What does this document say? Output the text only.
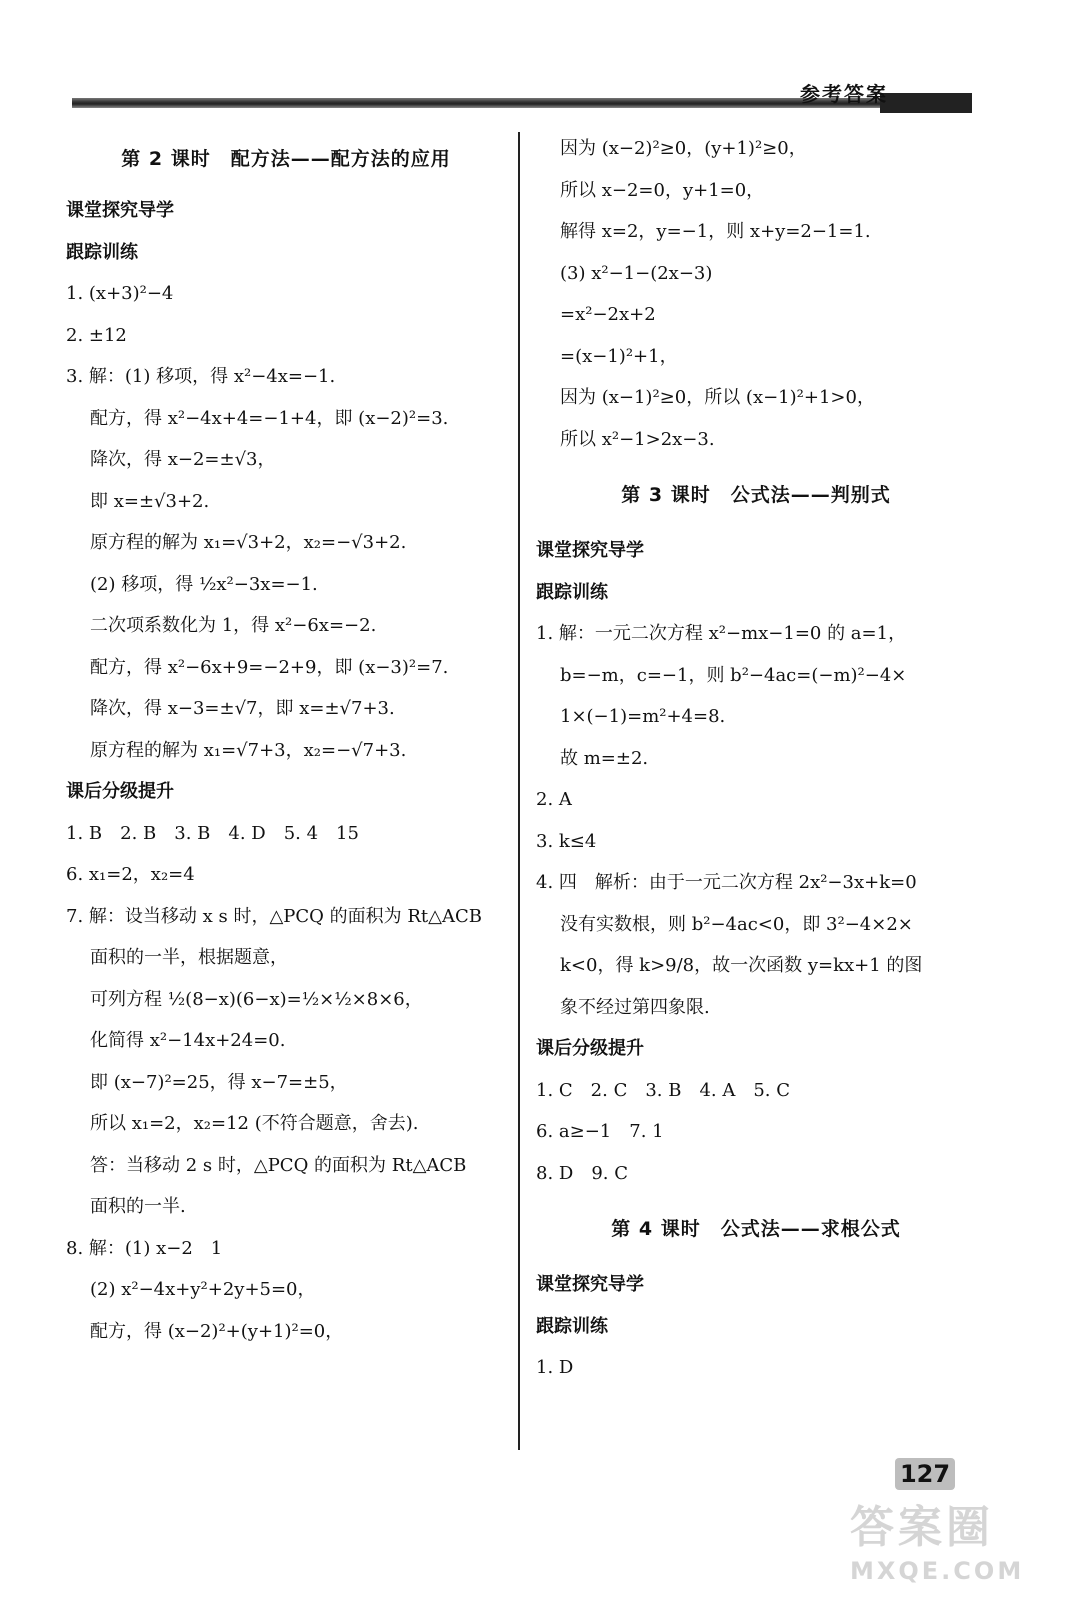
参考答案
第 2 课时　配方法——配方法的应用
课堂探究导学
跟踪训练
1. (x+3)²−4
2. ±12
3. 解：(1) 移项，得 x²−4x=−1.
配方，得 x²−4x+4=−1+4，即 (x−2)²=3.
降次，得 x−2=±√3，
即 x=±√3+2.
原方程的解为 x₁=√3+2，x₂=−√3+2.
(2) 移项，得 ½x²−3x=−1.
二次项系数化为 1，得 x²−6x=−2.
配方，得 x²−6x+9=−2+9，即 (x−3)²=7.
降次，得 x−3=±√7，即 x=±√7+3.
原方程的解为 x₁=√7+3，x₂=−√7+3.
课后分级提升
1. B　2. B　3. B　4. D　5. 4　15
6. x₁=2，x₂=4
7. 解：设当移动 x s 时，△PCQ 的面积为 Rt△ACB
面积的一半，根据题意，
可列方程 ½(8−x)(6−x)=½×½×8×6，
化简得 x²−14x+24=0.
即 (x−7)²=25，得 x−7=±5，
所以 x₁=2，x₂=12 (不符合题意，舍去).
答：当移动 2 s 时，△PCQ 的面积为 Rt△ACB
面积的一半.
8. 解：(1) x−2　1
(2) x²−4x+y²+2y+5=0，
配方，得 (x−2)²+(y+1)²=0，
因为 (x−2)²≥0，(y+1)²≥0，
所以 x−2=0，y+1=0，
解得 x=2，y=−1，则 x+y=2−1=1.
(3) x²−1−(2x−3)
=x²−2x+2
=(x−1)²+1，
因为 (x−1)²≥0，所以 (x−1)²+1>0，
所以 x²−1>2x−3.
第 3 课时　公式法——判别式
课堂探究导学
跟踪训练
1. 解：一元二次方程 x²−mx−1=0 的 a=1，
b=−m，c=−1，则 b²−4ac=(−m)²−4×
1×(−1)=m²+4=8.
故 m=±2.
2. A
3. k≤4
4. 四　解析：由于一元二次方程 2x²−3x+k=0
没有实数根，则 b²−4ac<0，即 3²−4×2×
k<0，得 k>9/8，故一次函数 y=kx+1 的图
象不经过第四象限.
课后分级提升
1. C　2. C　3. B　4. A　5. C
6. a≥−1　7. 1
8. D　9. C
第 4 课时　公式法——求根公式
课堂探究导学
跟踪训练
1. D
127
答案圈
MXQE.COM
